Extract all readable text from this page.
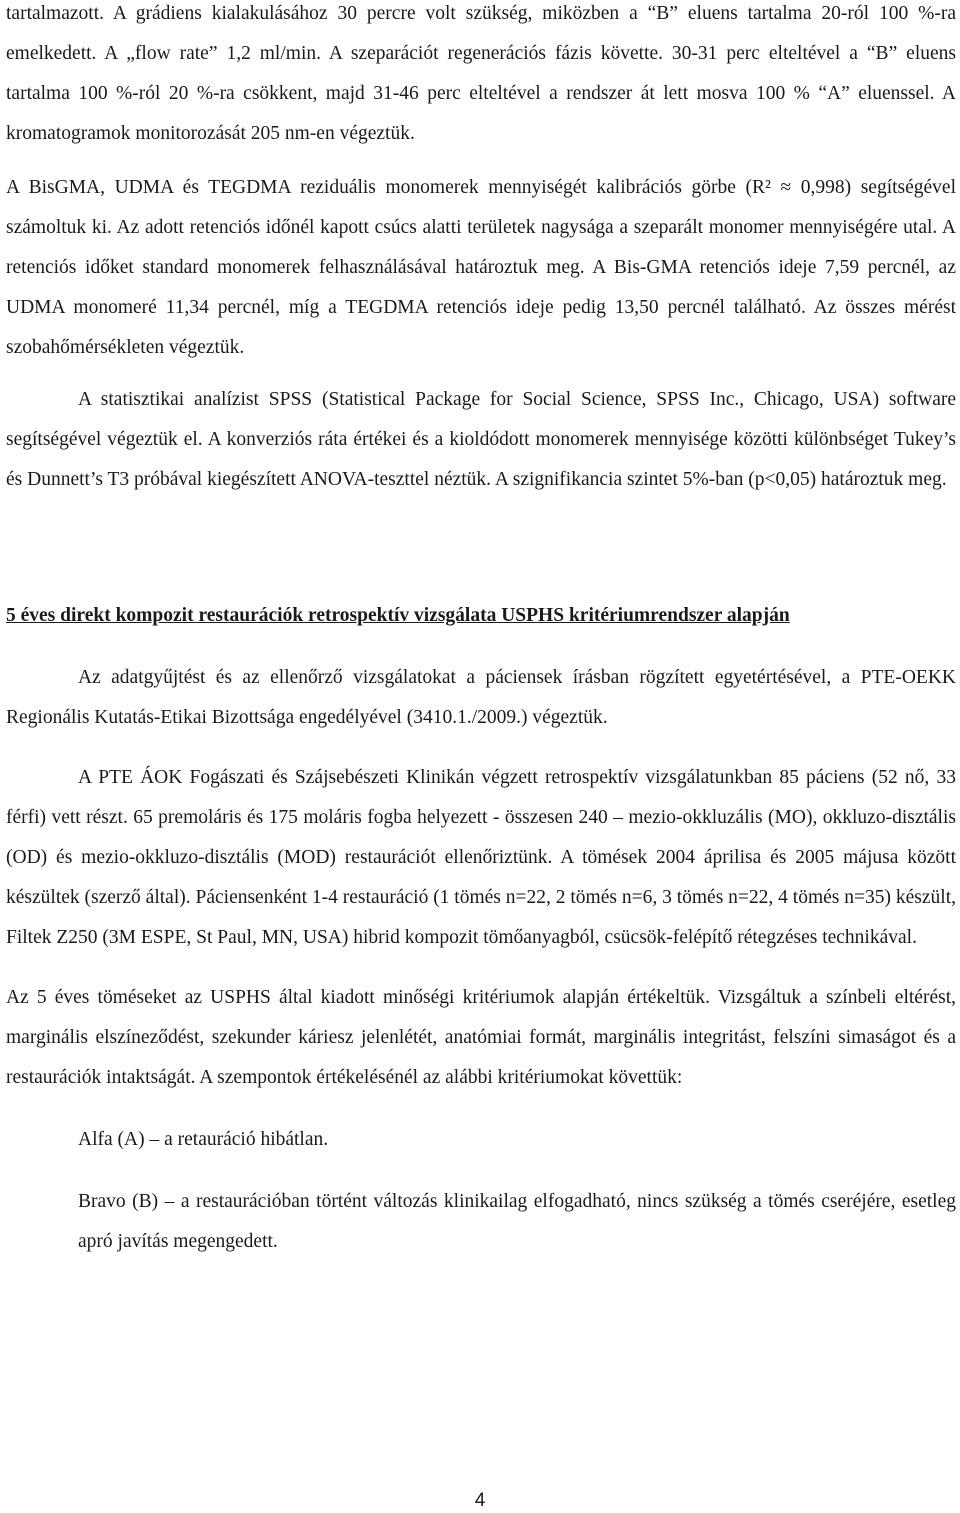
tartalmazott. A grádiens kialakulásához 30 percre volt szükség, miközben a “B” eluens tartalma 20-ról 100 %-ra emelkedett. A „flow rate” 1,2 ml/min. A szeparációt regenerációs fázis követte. 30-31 perc elteltével a “B” eluens tartalma 100 %-ról 20 %-ra csökkent, majd 31-46 perc elteltével a rendszer át lett mosva 100 % “A” eluenssel. A kromatogramok monitorozását 205 nm-en végeztük.

A BisGMA, UDMA és TEGDMA reziduális monomerek mennyiségét kalibrációs görbe (R² ≈ 0,998) segítségével számoltuk ki. Az adott retenciós időnél kapott csúcs alatti területek nagysága a szeparált monomer mennyiségére utal. A retenciós időket standard monomerek felhasználásával határoztuk meg. A Bis-GMA retenciós ideje 7,59 percnél, az UDMA monomeré 11,34 percnél, míg a TEGDMA retenciós ideje pedig 13,50 percnél található. Az összes mérést szobahőmérsékleten végeztük.

A statisztikai analízist SPSS (Statistical Package for Social Science, SPSS Inc., Chicago, USA) software segítségével végeztük el. A konverziós ráta értékei és a kioldódott monomerek mennyisége közötti különbséget Tukey’s és Dunnett’s T3 próbával kiegészített ANOVA-teszttel néztük. A szignifikancia szintet 5%-ban (p<0,05) határoztuk meg.

5 éves direkt kompozit restaurációk retrospektív vizsgálata USPHS kritériumrendszer alapján

Az adatgyűjtést és az ellenőrző vizsgálatokat a páciensek írásban rögzített egyetértésével, a PTE-OEKK Regionális Kutatás-Etikai Bizottsága engedélyével (3410.1./2009.) végeztük.

A PTE ÁOK Fogászati és Szájsebészeti Klinikán végzett retrospektív vizsgálatunkban 85 páciens (52 nő, 33 férfi) vett részt. 65 premoláris és 175 moláris fogba helyezett - összesen 240 – mezio-okkluzális (MO), okkluzo-disztális (OD) és mezio-okkluzo-disztális (MOD) restaurációt ellenőriztünk. A tömések 2004 áprilisa és 2005 májusa között készültek (szerző által). Páciensenként 1-4 restauráció (1 tömés n=22, 2 tömés n=6, 3 tömés n=22, 4 tömés n=35) készült, Filtek Z250 (3M ESPE, St Paul, MN, USA) hibrid kompozit tömőanyagból, csücsök-felépítő rétegzéses technikával.

Az 5 éves töméseket az USPHS által kiadott minőségi kritériumok alapján értékeltük. Vizsgáltuk a színbeli eltérést, marginális elszíneződést, szekunder káriesz jelenlétét, anatómiai formát, marginális integritást, felszíni simaságot és a restaurációk intaktságát. A szempontok értékelésénél az alábbi kritériumokat követtük:

Alfa (A) – a retauráció hibátlan.

Bravo (B) – a restaurációban történt változás klinikailag elfogadható, nincs szükség a tömés cseréjére, esetleg apró javítás megengedett.

4
